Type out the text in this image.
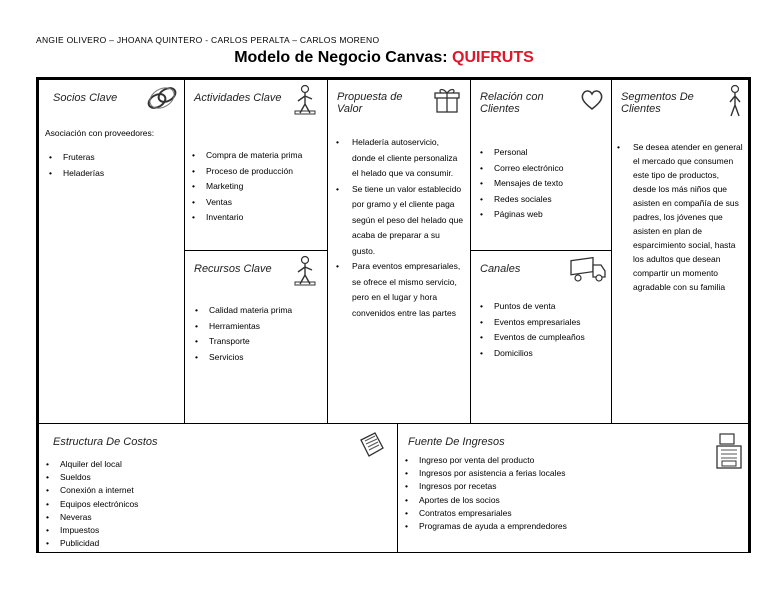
ANGIE OLIVERO – JHOANA QUINTERO - CARLOS PERALTA – CARLOS MORENO
Modelo de Negocio Canvas: QUIFRUTS
Socios Clave
Asociación con proveedores:
• Fruteras
• Heladerías
Actividades Clave
• Compra de materia prima
• Proceso de producción
• Marketing
• Ventas
• Inventario
Recursos Clave
• Calidad materia prima
• Herramientas
• Transporte
• Servicios
Propuesta de
Valor
• Heladería autoservicio, donde el cliente personaliza el helado que va consumir.
• Se tiene un valor establecido por gramo y el cliente paga según el peso del helado que acaba de preparar a su gusto.
• Para eventos empresariales, se ofrece el mismo servicio, pero en el lugar y hora convenidos entre las partes
Relación con
Clientes
• Personal
• Correo electrónico
• Mensajes de texto
• Redes sociales
• Páginas web
Canales
• Puntos de venta
• Eventos empresariales
• Eventos de cumpleaños
• Domicilios
Segmentos De
Clientes
• Se desea atender en general el mercado que consumen este tipo de productos, desde los más niños que asisten en compañía de sus padres, los jóvenes que asisten en plan de esparcimiento social, hasta los adultos que desean compartir un momento agradable con su familia
Estructura De Costos
• Alquiler del local
• Sueldos
• Conexión a internet
• Equipos electrónicos
• Neveras
• Impuestos
• Publicidad
Fuente De Ingresos
• Ingreso por venta del producto
• Ingresos por asistencia a ferias locales
• Ingresos por recetas
• Aportes de los socios
• Contratos empresariales
• Programas de ayuda a emprendedores
